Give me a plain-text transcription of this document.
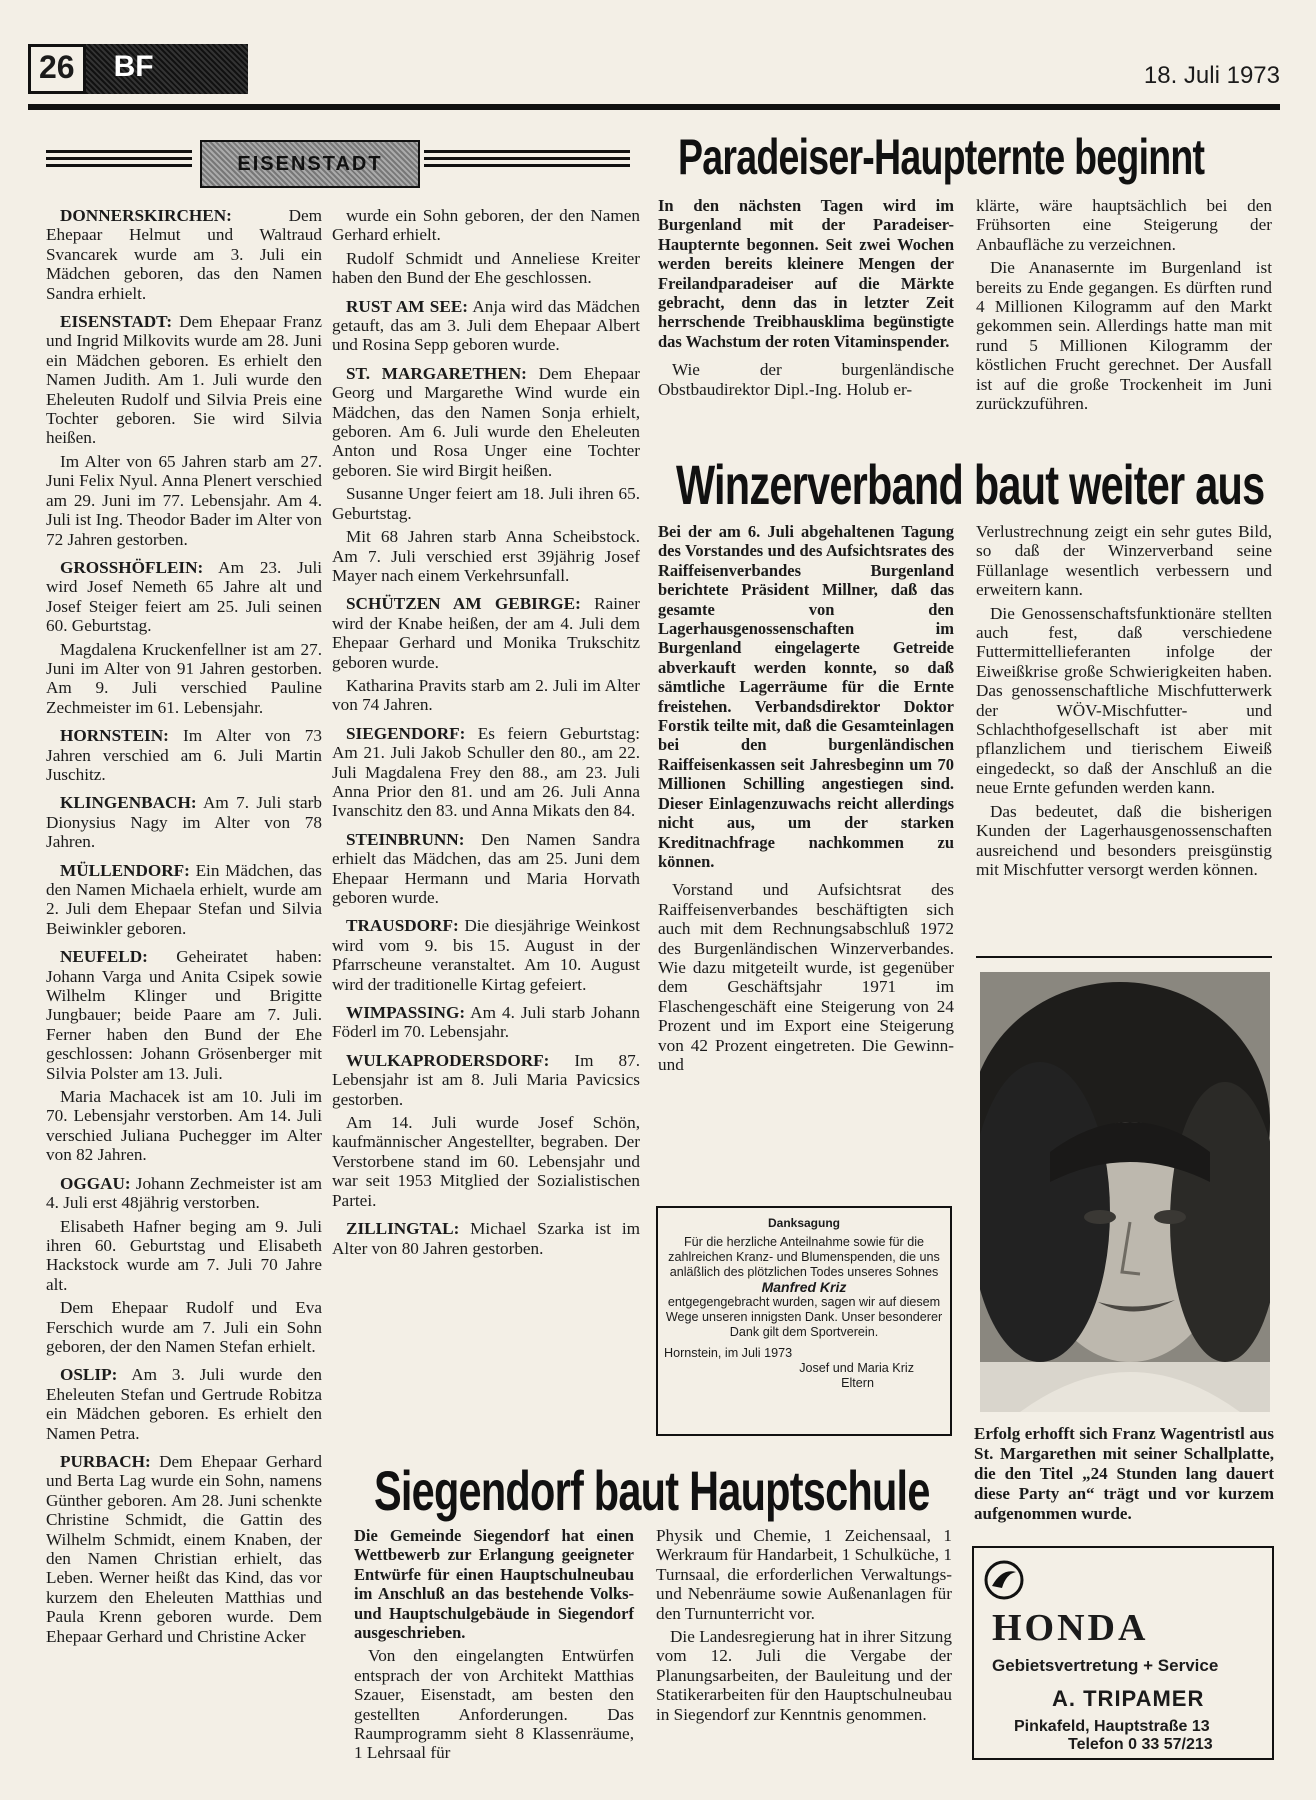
26	BF	18. Juli 1973
EISENSTADT

DONNERSKIRCHEN: Dem Ehepaar Helmut und Waltraud Svancarek wurde am 3. Juli ein Mädchen geboren, das den Namen Sandra erhielt.

EISENSTADT: Dem Ehepaar Franz und Ingrid Milkovits wurde am 28. Juni ein Mädchen geboren. Es erhielt den Namen Judith. Am 1. Juli wurde den Eheleuten Rudolf und Silvia Preis eine Tochter geboren. Sie wird Silvia heißen.

Im Alter von 65 Jahren starb am 27. Juni Felix Nyul. Anna Plenert verschied am 29. Juni im 77. Lebensjahr. Am 4. Juli ist Ing. Theodor Bader im Alter von 72 Jahren gestorben.

GROSSHÖFLEIN: Am 23. Juli wird Josef Nemeth 65 Jahre alt und Josef Steiger feiert am 25. Juli seinen 60. Geburtstag.

Magdalena Kruckenfellner ist am 27. Juni im Alter von 91 Jahren gestorben. Am 9. Juli verschied Pauline Zechmeister im 61. Lebensjahr.

HORNSTEIN: Im Alter von 73 Jahren verschied am 6. Juli Martin Juschitz.

KLINGENBACH: Am 7. Juli starb Dionysius Nagy im Alter von 78 Jahren.

MÜLLENDORF: Ein Mädchen, das den Namen Michaela erhielt, wurde am 2. Juli dem Ehepaar Stefan und Silvia Beiwinkler geboren.

NEUFELD: Geheiratet haben: Johann Varga und Anita Csipek sowie Wilhelm Klinger und Brigitte Jungbauer; beide Paare am 7. Juli. Ferner haben den Bund der Ehe geschlossen: Johann Grösenberger mit Silvia Polster am 13. Juli.

Maria Machacek ist am 10. Juli im 70. Lebensjahr verstorben. Am 14. Juli verschied Juliana Puchegger im Alter von 82 Jahren.

OGGAU: Johann Zechmeister ist am 4. Juli erst 48jährig verstorben.

Elisabeth Hafner beging am 9. Juli ihren 60. Geburtstag und Elisabeth Hackstock wurde am 7. Juli 70 Jahre alt.

Dem Ehepaar Rudolf und Eva Ferschich wurde am 7. Juli ein Sohn geboren, der den Namen Stefan erhielt.

OSLIP: Am 3. Juli wurde den Eheleuten Stefan und Gertrude Robitza ein Mädchen geboren. Es erhielt den Namen Petra.

PURBACH: Dem Ehepaar Gerhard und Berta Lag wurde ein Sohn, namens Günther geboren. Am 28. Juni schenkte Christine Schmidt, die Gattin des Wilhelm Schmidt, einem Knaben, der den Namen Christian erhielt, das Leben. Werner heißt das Kind, das vor kurzem den Eheleuten Matthias und Paula Krenn geboren wurde. Dem Ehepaar Gerhard und Christine Acker

wurde ein Sohn geboren, der den Namen Gerhard erhielt.

Rudolf Schmidt und Anneliese Kreiter haben den Bund der Ehe geschlossen.

RUST AM SEE: Anja wird das Mädchen getauft, das am 3. Juli dem Ehepaar Albert und Rosina Sepp geboren wurde.

ST. MARGARETHEN: Dem Ehepaar Georg und Margarethe Wind wurde ein Mädchen, das den Namen Sonja erhielt, geboren. Am 6. Juli wurde den Eheleuten Anton und Rosa Unger eine Tochter geboren. Sie wird Birgit heißen.

Susanne Unger feiert am 18. Juli ihren 65. Geburtstag.

Mit 68 Jahren starb Anna Scheibstock. Am 7. Juli verschied erst 39jährig Josef Mayer nach einem Verkehrsunfall.

SCHÜTZEN AM GEBIRGE: Rainer wird der Knabe heißen, der am 4. Juli dem Ehepaar Gerhard und Monika Trukschitz geboren wurde.

Katharina Pravits starb am 2. Juli im Alter von 74 Jahren.

SIEGENDORF: Es feiern Geburtstag: Am 21. Juli Jakob Schuller den 80., am 22. Juli Magdalena Frey den 88., am 23. Juli Anna Prior den 81. und am 26. Juli Anna Ivanschitz den 83. und Anna Mikats den 84.

STEINBRUNN: Den Namen Sandra erhielt das Mädchen, das am 25. Juni dem Ehepaar Hermann und Maria Horvath geboren wurde.

TRAUSDORF: Die diesjährige Weinkost wird vom 9. bis 15. August in der Pfarrscheune veranstaltet. Am 10. August wird der traditionelle Kirtag gefeiert.

WIMPASSING: Am 4. Juli starb Johann Föderl im 70. Lebensjahr.

WULKAPRODERSDORF: Im 87. Lebensjahr ist am 8. Juli Maria Pavicsics gestorben.

Am 14. Juli wurde Josef Schön, kaufmännischer Angestellter, begraben. Der Verstorbene stand im 60. Lebensjahr und war seit 1953 Mitglied der Sozialistischen Partei.

ZILLINGTAL: Michael Szarka ist im Alter von 80 Jahren gestorben.

Paradeiser-Haupternte beginnt

In den nächsten Tagen wird im Burgenland mit der Paradeiser-Haupternte begonnen. Seit zwei Wochen werden bereits kleinere Mengen der Freilandparadeiser auf die Märkte gebracht, denn das in letzter Zeit herrschende Treibhausklima begünstigte das Wachstum der roten Vitaminspender.

Wie der burgenländische Obstbaudirektor Dipl.-Ing. Holub er-

klärte, wäre hauptsächlich bei den Frühsorten eine Steigerung der Anbaufläche zu verzeichnen.

Die Ananasernte im Burgenland ist bereits zu Ende gegangen. Es dürften rund 4 Millionen Kilogramm auf den Markt gekommen sein. Allerdings hatte man mit rund 5 Millionen Kilogramm der köstlichen Frucht gerechnet. Der Ausfall ist auf die große Trockenheit im Juni zurückzuführen.

Winzerverband baut weiter aus

Bei der am 6. Juli abgehaltenen Tagung des Vorstandes und des Aufsichtsrates des Raiffeisenverbandes Burgenland berichtete Präsident Millner, daß das gesamte von den Lagerhausgenossenschaften im Burgenland eingelagerte Getreide abverkauft werden konnte, so daß sämtliche Lagerräume für die Ernte freistehen. Verbandsdirektor Doktor Forstik teilte mit, daß die Gesamteinlagen bei den burgenländischen Raiffeisenkassen seit Jahresbeginn um 70 Millionen Schilling angestiegen sind. Dieser Einlagenzuwachs reicht allerdings nicht aus, um der starken Kreditnachfrage nachkommen zu können.

Vorstand und Aufsichtsrat des Raiffeisenverbandes beschäftigten sich auch mit dem Rechnungsabschluß 1972 des Burgenländischen Winzerverbandes. Wie dazu mitgeteilt wurde, ist gegenüber dem Geschäftsjahr 1971 im Flaschengeschäft eine Steigerung von 24 Prozent und im Export eine Steigerung von 42 Prozent eingetreten. Die Gewinn- und

Verlustrechnung zeigt ein sehr gutes Bild, so daß der Winzerverband seine Füllanlage wesentlich verbessern und erweitern kann.

Die Genossenschaftsfunktionäre stellten auch fest, daß verschiedene Futtermittellieferanten infolge der Eiweißkrise große Schwierigkeiten haben. Das genossenschaftliche Mischfutterwerk der WÖV-Mischfutter- und Schlachthofgesellschaft ist aber mit pflanzlichem und tierischem Eiweiß eingedeckt, so daß der Anschluß an die neue Ernte gefunden werden kann.

Das bedeutet, daß die bisherigen Kunden der Lagerhausgenossenschaften ausreichend und besonders preisgünstig mit Mischfutter versorgt werden können.

Danksagung
Für die herzliche Anteilnahme sowie für die zahlreichen Kranz- und Blumenspenden, die uns anläßlich des plötzlichen Todes unseres Sohnes
Manfred Kriz
entgegengebracht wurden, sagen wir auf diesem Wege unseren innigsten Dank. Unser besonderer Dank gilt dem Sportverein.
Hornstein, im Juli 1973
Josef und Maria Kriz
Eltern
Erfolg erhofft sich Franz Wagentristl aus St. Margarethen mit seiner Schallplatte, die den Titel „24 Stunden lang dauert diese Party an“ trägt und vor kurzem aufgenommen wurde.
Siegendorf baut Hauptschule

Die Gemeinde Siegendorf hat einen Wettbewerb zur Erlangung geeigneter Entwürfe für einen Hauptschulneubau im Anschluß an das bestehende Volks- und Hauptschulgebäude in Siegendorf ausgeschrieben.

Von den eingelangten Entwürfen entsprach der von Architekt Matthias Szauer, Eisenstadt, am besten den gestellten Anforderungen. Das Raumprogramm sieht 8 Klassenräume, 1 Lehrsaal für

Physik und Chemie, 1 Zeichensaal, 1 Werkraum für Handarbeit, 1 Schulküche, 1 Turnsaal, die erforderlichen Verwaltungs- und Nebenräume sowie Außenanlagen für den Turnunterricht vor.

Die Landesregierung hat in ihrer Sitzung vom 12. Juli die Vergabe der Planungsarbeiten, der Bauleitung und der Statikerarbeiten für den Hauptschulneubau in Siegendorf zur Kenntnis genommen.

HONDA
Gebietsvertretung + Service
A. TRIPAMER
Pinkafeld, Hauptstraße 13
Telefon 0 33 57/213
